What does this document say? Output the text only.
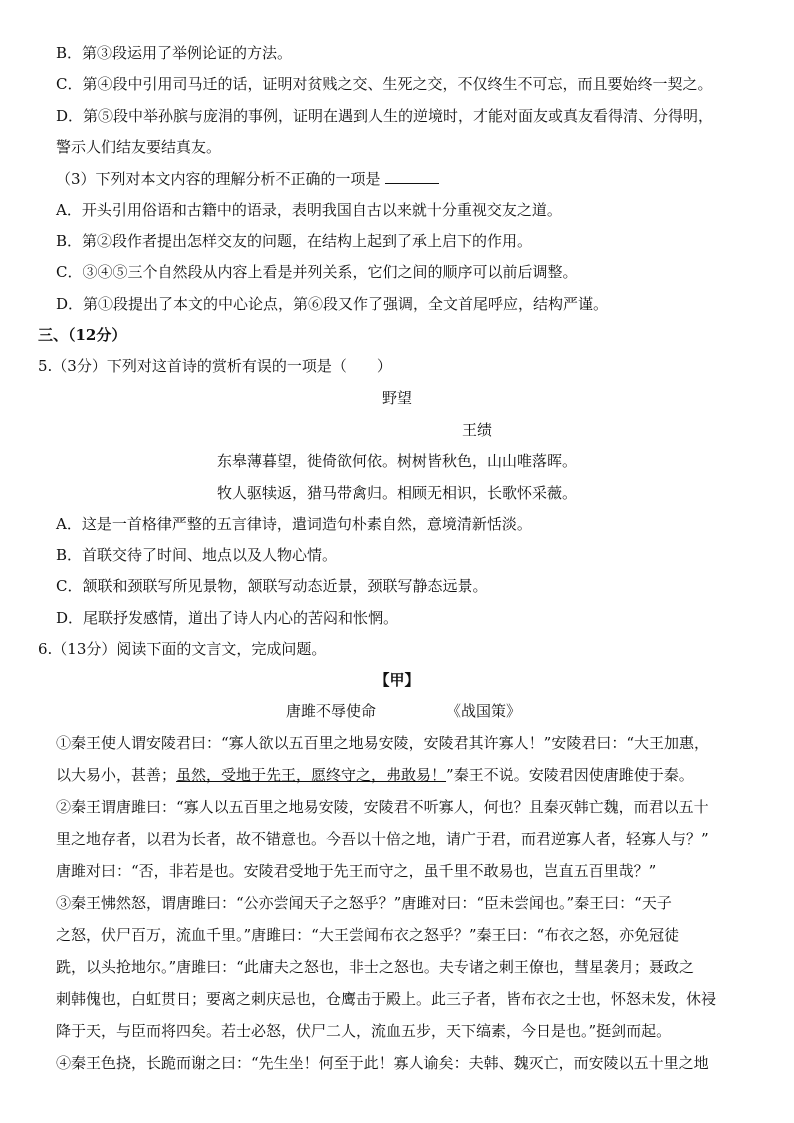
B．第③段运用了举例论证的方法。
C．第④段中引用司马迁的话，证明对贫贱之交、生死之交，不仅终生不可忘，而且要始终一契之。
D．第⑤段中举孙膑与庞涓的事例，证明在遇到人生的逆境时，才能对面友或真友看得清、分得明，
警示人们结友要结真友。
（3）下列对本文内容的理解分析不正确的一项是
A．开头引用俗语和古籍中的语录，表明我国自古以来就十分重视交友之道。
B．第②段作者提出怎样交友的问题，在结构上起到了承上启下的作用。
C．③④⑤三个自然段从内容上看是并列关系，它们之间的顺序可以前后调整。
D．第①段提出了本文的中心论点，第⑥段又作了强调，全文首尾呼应，结构严谨。
三、（12分）
5.（3分）下列对这首诗的赏析有误的一项是（　　）
野望
王绩
东皋薄暮望，徙倚欲何依。树树皆秋色，山山唯落晖。
牧人驱犊返，猎马带禽归。相顾无相识，长歌怀采薇。
A．这是一首格律严整的五言律诗，遣词造句朴素自然，意境清新恬淡。
B．首联交待了时间、地点以及人物心情。
C．颔联和颈联写所见景物，颔联写动态近景，颈联写静态远景。
D．尾联抒发感情，道出了诗人内心的苦闷和怅惘。
6.（13分）阅读下面的文言文，完成问题。
【甲】
唐雎不辱使命	《战国策》
①秦王使人谓安陵君曰：“寡人欲以五百里之地易安陵，安陵君其许寡人！”安陵君曰：“大王加惠，
以大易小，甚善；虽然，受地于先王，愿终守之，弗敢易！”秦王不说。安陵君因使唐雎使于秦。
②秦王谓唐雎曰：“寡人以五百里之地易安陵，安陵君不听寡人，何也？且秦灭韩亡魏，而君以五十
里之地存者，以君为长者，故不错意也。今吾以十倍之地，请广于君，而君逆寡人者，轻寡人与？”
唐雎对曰：“否，非若是也。安陵君受地于先王而守之，虽千里不敢易也，岂直五百里哉？”
③秦王怫然怒，谓唐雎曰：“公亦尝闻天子之怒乎？”唐雎对曰：“臣未尝闻也。”秦王曰：“天子
之怒，伏尸百万，流血千里。”唐雎曰：“大王尝闻布衣之怒乎？”秦王曰：“布衣之怒，亦免冠徒
跣，以头抢地尔。”唐雎曰：“此庸夫之怒也，非士之怒也。夫专诸之刺王僚也，彗星袭月；聂政之
刺韩傀也，白虹贯日；要离之刺庆忌也，仓鹰击于殿上。此三子者，皆布衣之士也，怀怒未发，休祲
降于天，与臣而将四矣。若士必怒，伏尸二人，流血五步，天下缟素，今日是也。”挺剑而起。
④秦王色挠，长跪而谢之曰：“先生坐！何至于此！寡人谕矣：夫韩、魏灭亡，而安陵以五十里之地
